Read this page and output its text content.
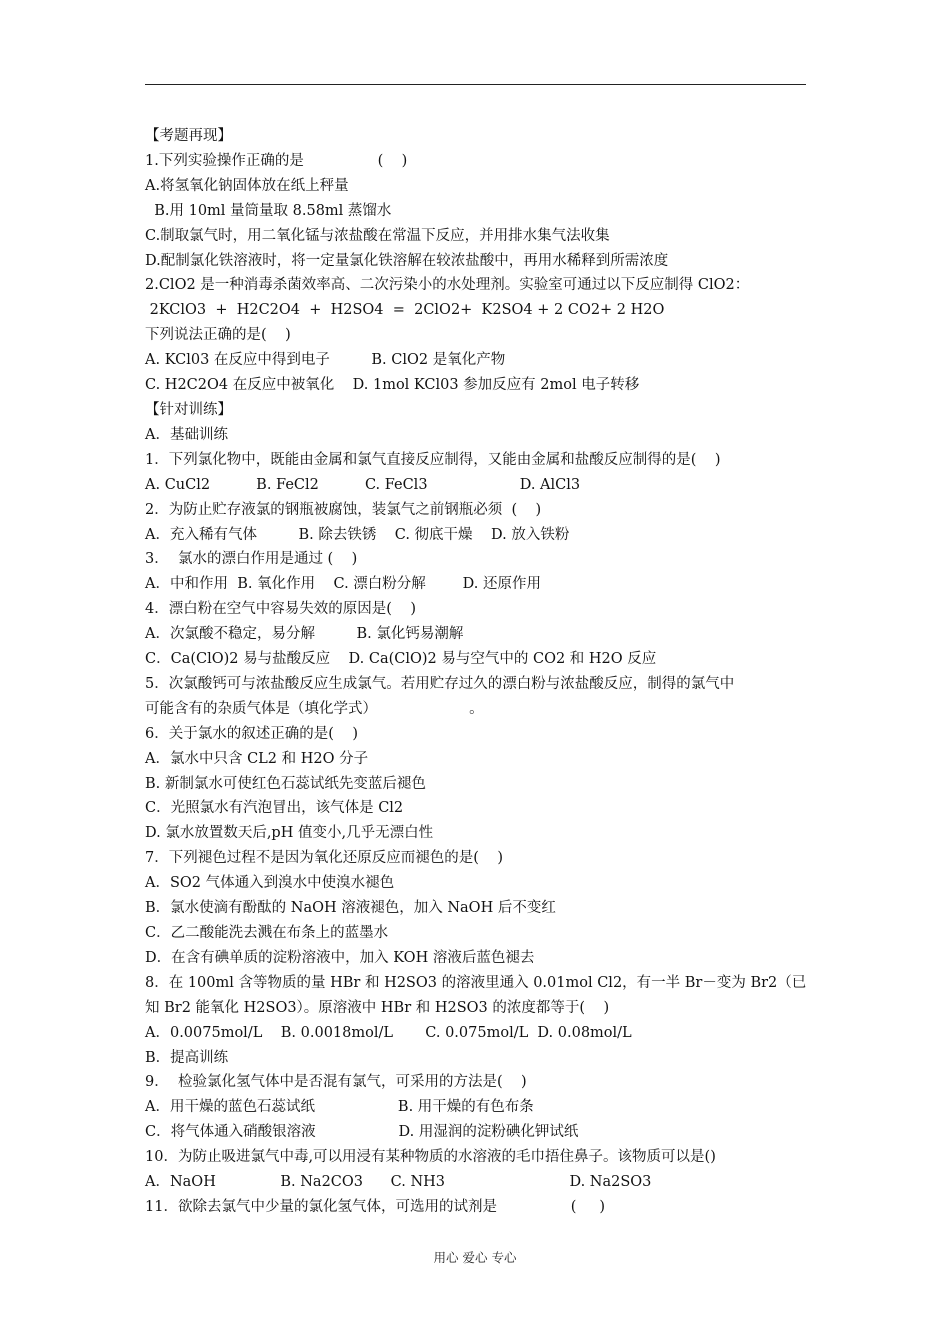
【考题再现】
1.下列实验操作正确的是                (    )
A.将氢氧化钠固体放在纸上秤量
B.用 10ml 量筒量取 8.58ml 蒸馏水
C.制取氯气时，用二氧化锰与浓盐酸在常温下反应，并用排水集气法收集
D.配制氯化铁溶液时，将一定量氯化铁溶解在较浓盐酸中，再用水稀释到所需浓度
2.ClO2 是一种消毒杀菌效率高、二次污染小的水处理剂。实验室可通过以下反应制得 ClO2：
2KClO3  +  H2C2O4  +  H2SO4  =  2ClO2+  K2SO4 + 2 CO2+ 2 H2O
下列说法正确的是(    )
A. KCl03 在反应中得到电子         B. ClO2 是氧化产物
C. H2C2O4 在反应中被氧化    D. 1mol KCl03 参加反应有 2mol 电子转移
【针对训练】
A．基础训练
1．下列氯化物中，既能由金属和氯气直接反应制得，又能由金属和盐酸反应制得的是(    )
A. CuCl2          B. FeCl2          C. FeCl3                    D. AlCl3
2．为防止贮存液氯的钢瓶被腐蚀，装氯气之前钢瓶必须  (    )
A．充入稀有气体         B. 除去铁锈    C. 彻底干燥    D. 放入铁粉
3．  氯水的漂白作用是通过 (    )
A．中和作用  B. 氧化作用    C. 漂白粉分解        D. 还原作用
4．漂白粉在空气中容易失效的原因是(    )
A．次氯酸不稳定，易分解         B. 氯化钙易潮解
C．Ca(ClO)2 易与盐酸反应    D. Ca(ClO)2 易与空气中的 CO2 和 H2O 反应
5．次氯酸钙可与浓盐酸反应生成氯气。若用贮存过久的漂白粉与浓盐酸反应，制得的氯气中
可能含有的杂质气体是（填化学式）                    。
6．关于氯水的叙述正确的是(    )
A．氯水中只含 CL2 和 H2O 分子
B. 新制氯水可使红色石蕊试纸先变蓝后褪色
C．光照氯水有汽泡冒出，该气体是 Cl2
D. 氯水放置数天后,pH 值变小,几乎无漂白性
7．下列褪色过程不是因为氧化还原反应而褪色的是(    )
A．SO2 气体通入到溴水中使溴水褪色
B．氯水使滴有酚酞的 NaOH 溶液褪色，加入 NaOH 后不变红
C．乙二酸能洗去溅在布条上的蓝墨水
D．在含有碘单质的淀粉溶液中，加入 KOH 溶液后蓝色褪去
8．在 100ml 含等物质的量 HBr 和 H2SO3 的溶液里通入 0.01mol Cl2，有一半 Br－变为 Br2（已
知 Br2 能氧化 H2SO3）。原溶液中 HBr 和 H2SO3 的浓度都等于(    )
A．0.0075mol/L    B. 0.0018mol/L       C. 0.075mol/L  D. 0.08mol/L
B．提高训练
9．  检验氯化氢气体中是否混有氯气，可采用的方法是(    )
A．用干燥的蓝色石蕊试纸                  B. 用干燥的有色布条
C．将气体通入硝酸银溶液                  D. 用湿润的淀粉碘化钾试纸
10．为防止吸进氯气中毒,可以用浸有某种物质的水溶液的毛巾捂住鼻子。该物质可以是()
A．NaOH              B. Na2CO3      C. NH3                           D. Na2SO3
11．欲除去氯气中少量的氯化氢气体，可选用的试剂是                (     )
用心 爱心 专心
